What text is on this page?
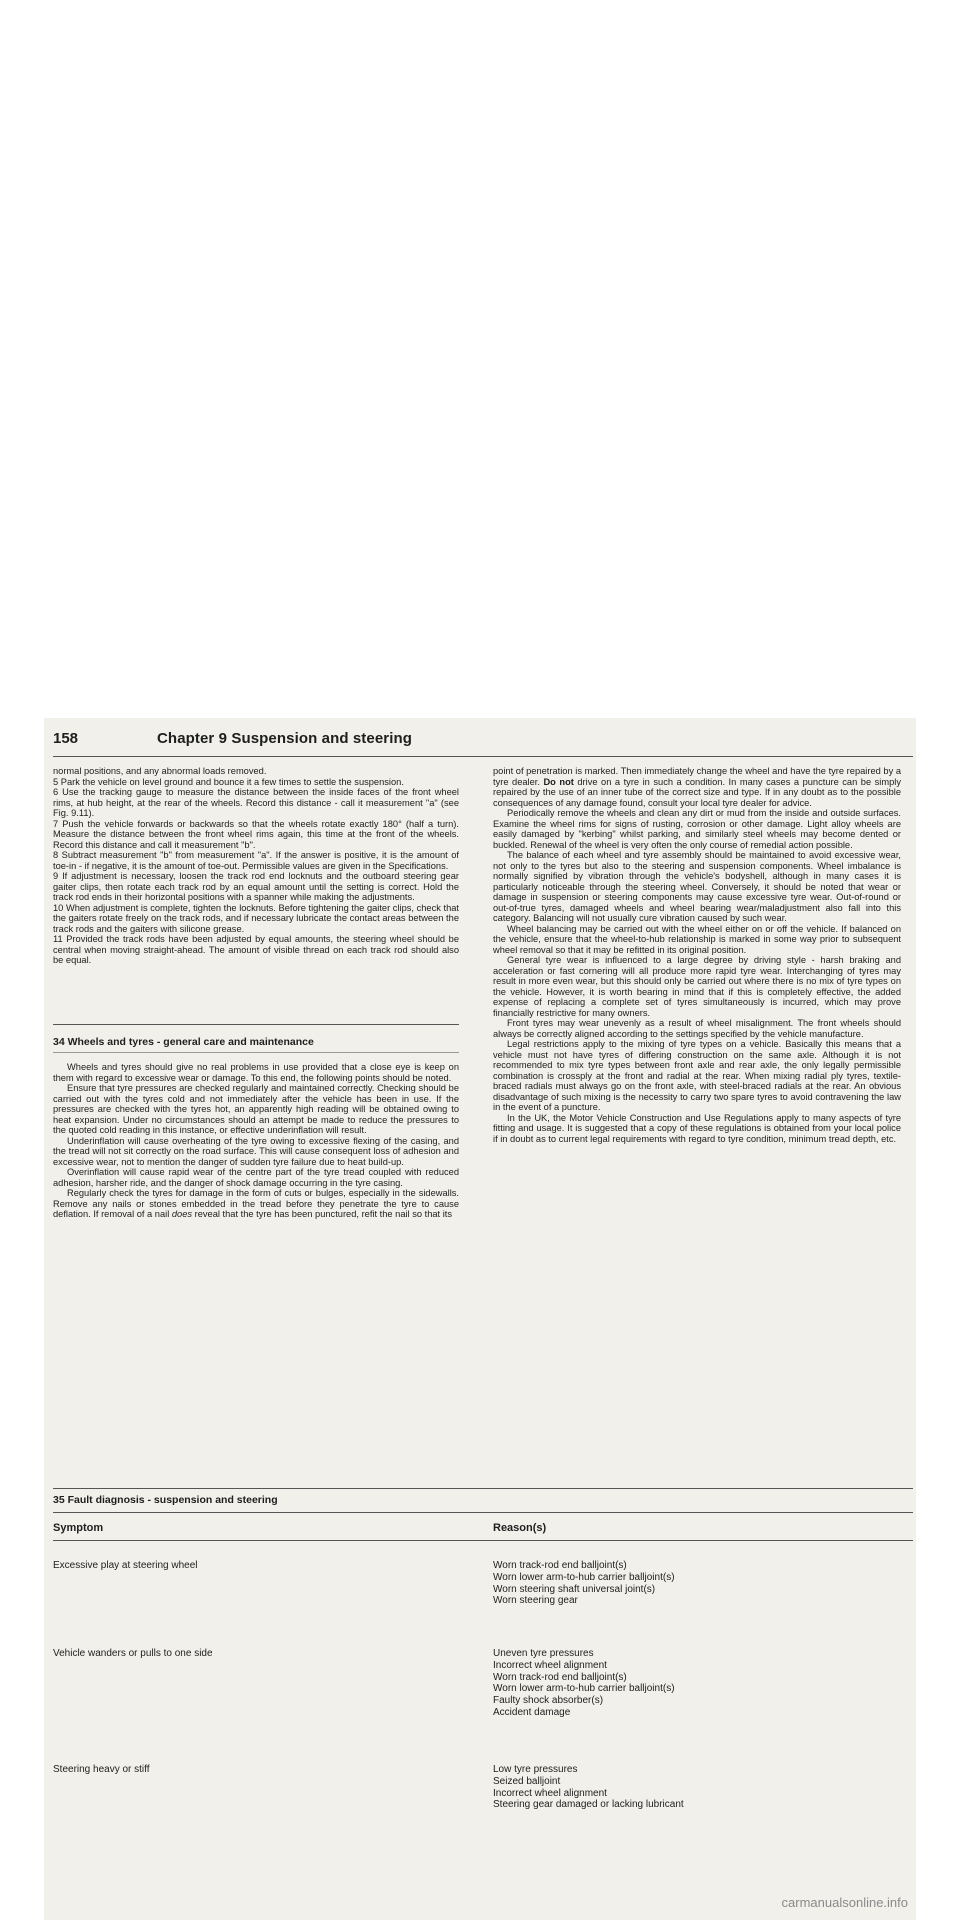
158	Chapter 9 Suspension and steering

normal positions, and any abnormal loads removed.

5 Park the vehicle on level ground and bounce it a few times to settle the suspension.

6 Use the tracking gauge to measure the distance between the inside faces of the front wheel rims, at hub height, at the rear of the wheels. Record this distance - call it measurement "a" (see Fig. 9.11).

7 Push the vehicle forwards or backwards so that the wheels rotate exactly 180° (half a turn). Measure the distance between the front wheel rims again, this time at the front of the wheels. Record this distance and call it measurement "b".

8 Subtract measurement "b" from measurement "a". If the answer is positive, it is the amount of toe-in - if negative, it is the amount of toe-out. Permissible values are given in the Specifications.

9 If adjustment is necessary, loosen the track rod end locknuts and the outboard steering gear gaiter clips, then rotate each track rod by an equal amount until the setting is correct. Hold the track rod ends in their horizontal positions with a spanner while making the adjustments.

10 When adjustment is complete, tighten the locknuts. Before tightening the gaiter clips, check that the gaiters rotate freely on the track rods, and if necessary lubricate the contact areas between the track rods and the gaiters with silicone grease.

11 Provided the track rods have been adjusted by equal amounts, the steering wheel should be central when moving straight-ahead. The amount of visible thread on each track rod should also be equal.

34 Wheels and tyres - general care and maintenance

Wheels and tyres should give no real problems in use provided that a close eye is keep on them with regard to excessive wear or damage. To this end, the following points should be noted.

Ensure that tyre pressures are checked regularly and maintained correctly. Checking should be carried out with the tyres cold and not immediately after the vehicle has been in use. If the pressures are checked with the tyres hot, an apparently high reading will be obtained owing to heat expansion. Under no circumstances should an attempt be made to reduce the pressures to the quoted cold reading in this instance, or effective underinflation will result.

Underinflation will cause overheating of the tyre owing to excessive flexing of the casing, and the tread will not sit correctly on the road surface. This will cause consequent loss of adhesion and excessive wear, not to mention the danger of sudden tyre failure due to heat build-up.

Overinflation will cause rapid wear of the centre part of the tyre tread coupled with reduced adhesion, harsher ride, and the danger of shock damage occurring in the tyre casing.

Regularly check the tyres for damage in the form of cuts or bulges, especially in the sidewalls. Remove any nails or stones embedded in the tread before they penetrate the tyre to cause deflation. If removal of a nail does reveal that the tyre has been punctured, refit the nail so that its

point of penetration is marked. Then immediately change the wheel and have the tyre repaired by a tyre dealer. Do not drive on a tyre in such a condition. In many cases a puncture can be simply repaired by the use of an inner tube of the correct size and type. If in any doubt as to the possible consequences of any damage found, consult your local tyre dealer for advice.

Periodically remove the wheels and clean any dirt or mud from the inside and outside surfaces. Examine the wheel rims for signs of rusting, corrosion or other damage. Light alloy wheels are easily damaged by "kerbing" whilst parking, and similarly steel wheels may become dented or buckled. Renewal of the wheel is very often the only course of remedial action possible.

The balance of each wheel and tyre assembly should be maintained to avoid excessive wear, not only to the tyres but also to the steering and suspension components. Wheel imbalance is normally signified by vibration through the vehicle's bodyshell, although in many cases it is particularly noticeable through the steering wheel. Conversely, it should be noted that wear or damage in suspension or steering components may cause excessive tyre wear. Out-of-round or out-of-true tyres, damaged wheels and wheel bearing wear/maladjustment also fall into this category. Balancing will not usually cure vibration caused by such wear.

Wheel balancing may be carried out with the wheel either on or off the vehicle. If balanced on the vehicle, ensure that the wheel-to-hub relationship is marked in some way prior to subsequent wheel removal so that it may be refitted in its original position.

General tyre wear is influenced to a large degree by driving style - harsh braking and acceleration or fast cornering will all produce more rapid tyre wear. Interchanging of tyres may result in more even wear, but this should only be carried out where there is no mix of tyre types on the vehicle. However, it is worth bearing in mind that if this is completely effective, the added expense of replacing a complete set of tyres simultaneously is incurred, which may prove financially restrictive for many owners.

Front tyres may wear unevenly as a result of wheel misalignment. The front wheels should always be correctly aligned according to the settings specified by the vehicle manufacture.

Legal restrictions apply to the mixing of tyre types on a vehicle. Basically this means that a vehicle must not have tyres of differing construction on the same axle. Although it is not recommended to mix tyre types between front axle and rear axle, the only legally permissible combination is crossply at the front and radial at the rear. When mixing radial ply tyres, textile-braced radials must always go on the front axle, with steel-braced radials at the rear. An obvious disadvantage of such mixing is the necessity to carry two spare tyres to avoid contravening the law in the event of a puncture.

In the UK, the Motor Vehicle Construction and Use Regulations apply to many aspects of tyre fitting and usage. It is suggested that a copy of these regulations is obtained from your local police if in doubt as to current legal requirements with regard to tyre condition, minimum tread depth, etc.

35 Fault diagnosis - suspension and steering
Symptom	Reason(s)
Excessive play at steering wheel	Worn track-rod end balljoint(s)
Worn lower arm-to-hub carrier balljoint(s)
Worn steering shaft universal joint(s)
Worn steering gear
Vehicle wanders or pulls to one side	Uneven tyre pressures
Incorrect wheel alignment
Worn track-rod end balljoint(s)
Worn lower arm-to-hub carrier balljoint(s)
Faulty shock absorber(s)
Accident damage
Steering heavy or stiff	Low tyre pressures
Seized balljoint
Incorrect wheel alignment
Steering gear damaged or lacking lubricant
carmanualsonline.info
